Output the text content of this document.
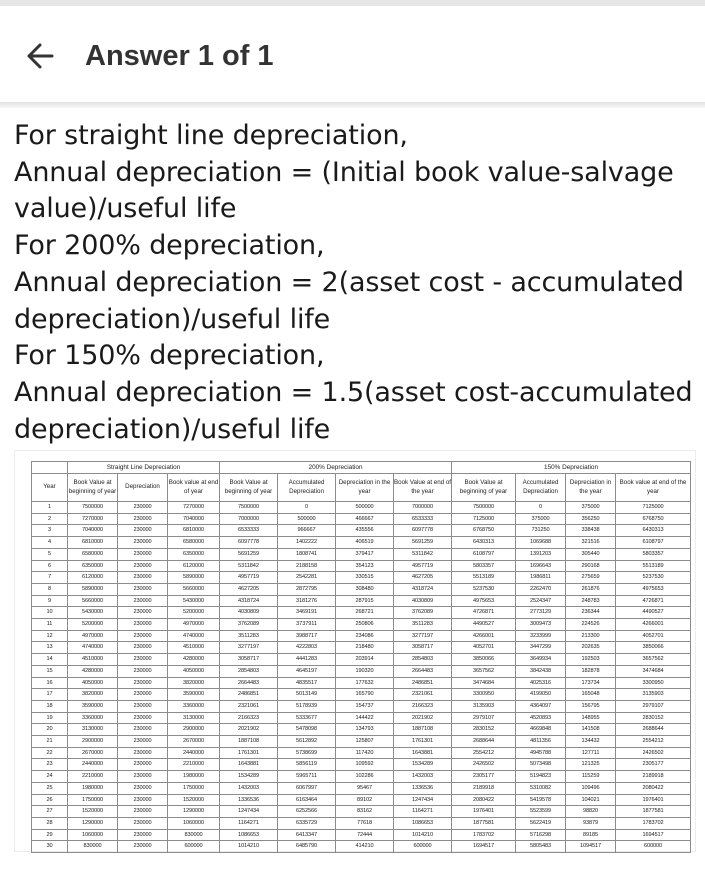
Answer 1 of 1

For straight line depreciation,

Annual depreciation = (Initial book value-salvage value)/useful life

For 200% depreciation,

Annual depreciation = 2(asset cost - accumulated depreciation)/useful life

For 150% depreciation,

Annual depreciation = 1.5(asset cost-accumulated depreciation)/useful life

	Straight Line Depreciation			200% Depreciation				150% Depreciation			
Year	Book Value at beginning of year	Depreciation	Book value at end of year	Book Value at beginning of year	Accumulated Depreciation	Depreciation in the year	Book Value at end of the year	Book Value at beginning of year	Accumulated Depreciation	Depreciation in the year	Book value at end of the year
1	7500000	230000	7270000	7500000	0	500000	7000000	7500000	0	375000	7125000
2	7270000	230000	7040000	7000000	500000	466667	6533333	7125000	375000	356250	6768750
3	7040000	230000	6810000	6533333	966667	435556	6097778	6768750	731250	338438	6430313
4	6810000	230000	6580000	6097778	1402222	406519	5691259	6430313	1069688	321516	6108797
5	6580000	230000	6350000	5691259	1808741	379417	5311842	6108797	1391203	305440	5803357
6	6350000	230000	6120000	5311842	2188158	354123	4957719	5803357	1696643	290168	5513189
7	6120000	230000	5890000	4957719	2542281	330515	4627205	5513189	1986811	275659	5237530
8	5890000	230000	5660000	4627205	2872795	308480	4318724	5237530	2262470	261876	4975653
9	5660000	230000	5430000	4318724	3181276	287915	4030809	4975653	2524347	248783	4726871
10	5430000	230000	5200000	4030809	3469191	268721	3762089	4726871	2773129	236344	4490527
11	5200000	230000	4970000	3762089	3737911	250806	3511283	4490527	3009473	224526	4266001
12	4970000	230000	4740000	3511283	3988717	234086	3277197	4266001	3233999	213300	4052701
13	4740000	230000	4510000	3277197	4222803	218480	3058717	4052701	3447299	202635	3850066
14	4510000	230000	4280000	3058717	4441283	203914	2854803	3850066	3649934	192503	3657562
15	4280000	230000	4050000	2854803	4645197	190320	2664483	3657562	3842438	182878	3474684
16	4050000	230000	3820000	2664483	4835517	177632	2486851	3474684	4025316	173734	3300950
17	3820000	230000	3590000	2486851	5013149	165790	2321061	3300950	4199050	165048	3135903
18	3590000	230000	3360000	2321061	5178939	154737	2166323	3135903	4364097	156795	2979107
19	3360000	230000	3130000	2166323	5333677	144422	2021902	2979107	4520893	148955	2830152
20	3130000	230000	2900000	2021902	5478098	134793	1887108	2830152	4669848	141508	2688644
21	2900000	230000	2670000	1887108	5612892	125807	1761301	2688644	4811356	134432	2554212
22	2670000	230000	2440000	1761301	5738699	117420	1643881	2554212	4945788	127711	2426502
23	2440000	230000	2210000	1643881	5856119	109592	1534289	2426502	5073498	121325	2305177
24	2210000	230000	1980000	1534289	5965711	102286	1432003	2305177	5194823	115259	2189918
25	1980000	230000	1750000	1432003	6067997	95467	1336536	2189918	5310082	109496	2080422
26	1750000	230000	1520000	1336536	6163464	89102	1247434	2080422	5419578	104021	1976401
27	1520000	230000	1290000	1247434	6252566	83162	1164271	1976401	5523599	98820	1877581
28	1290000	230000	1060000	1164271	6335729	77618	1086653	1877581	5622419	93879	1783702
29	1060000	230000	830000	1086653	6413347	72444	1014210	1783702	5716298	89185	1694517
30	830000	230000	600000	1014210	6485790	414210	600000	1694517	5805483	1094517	600000
